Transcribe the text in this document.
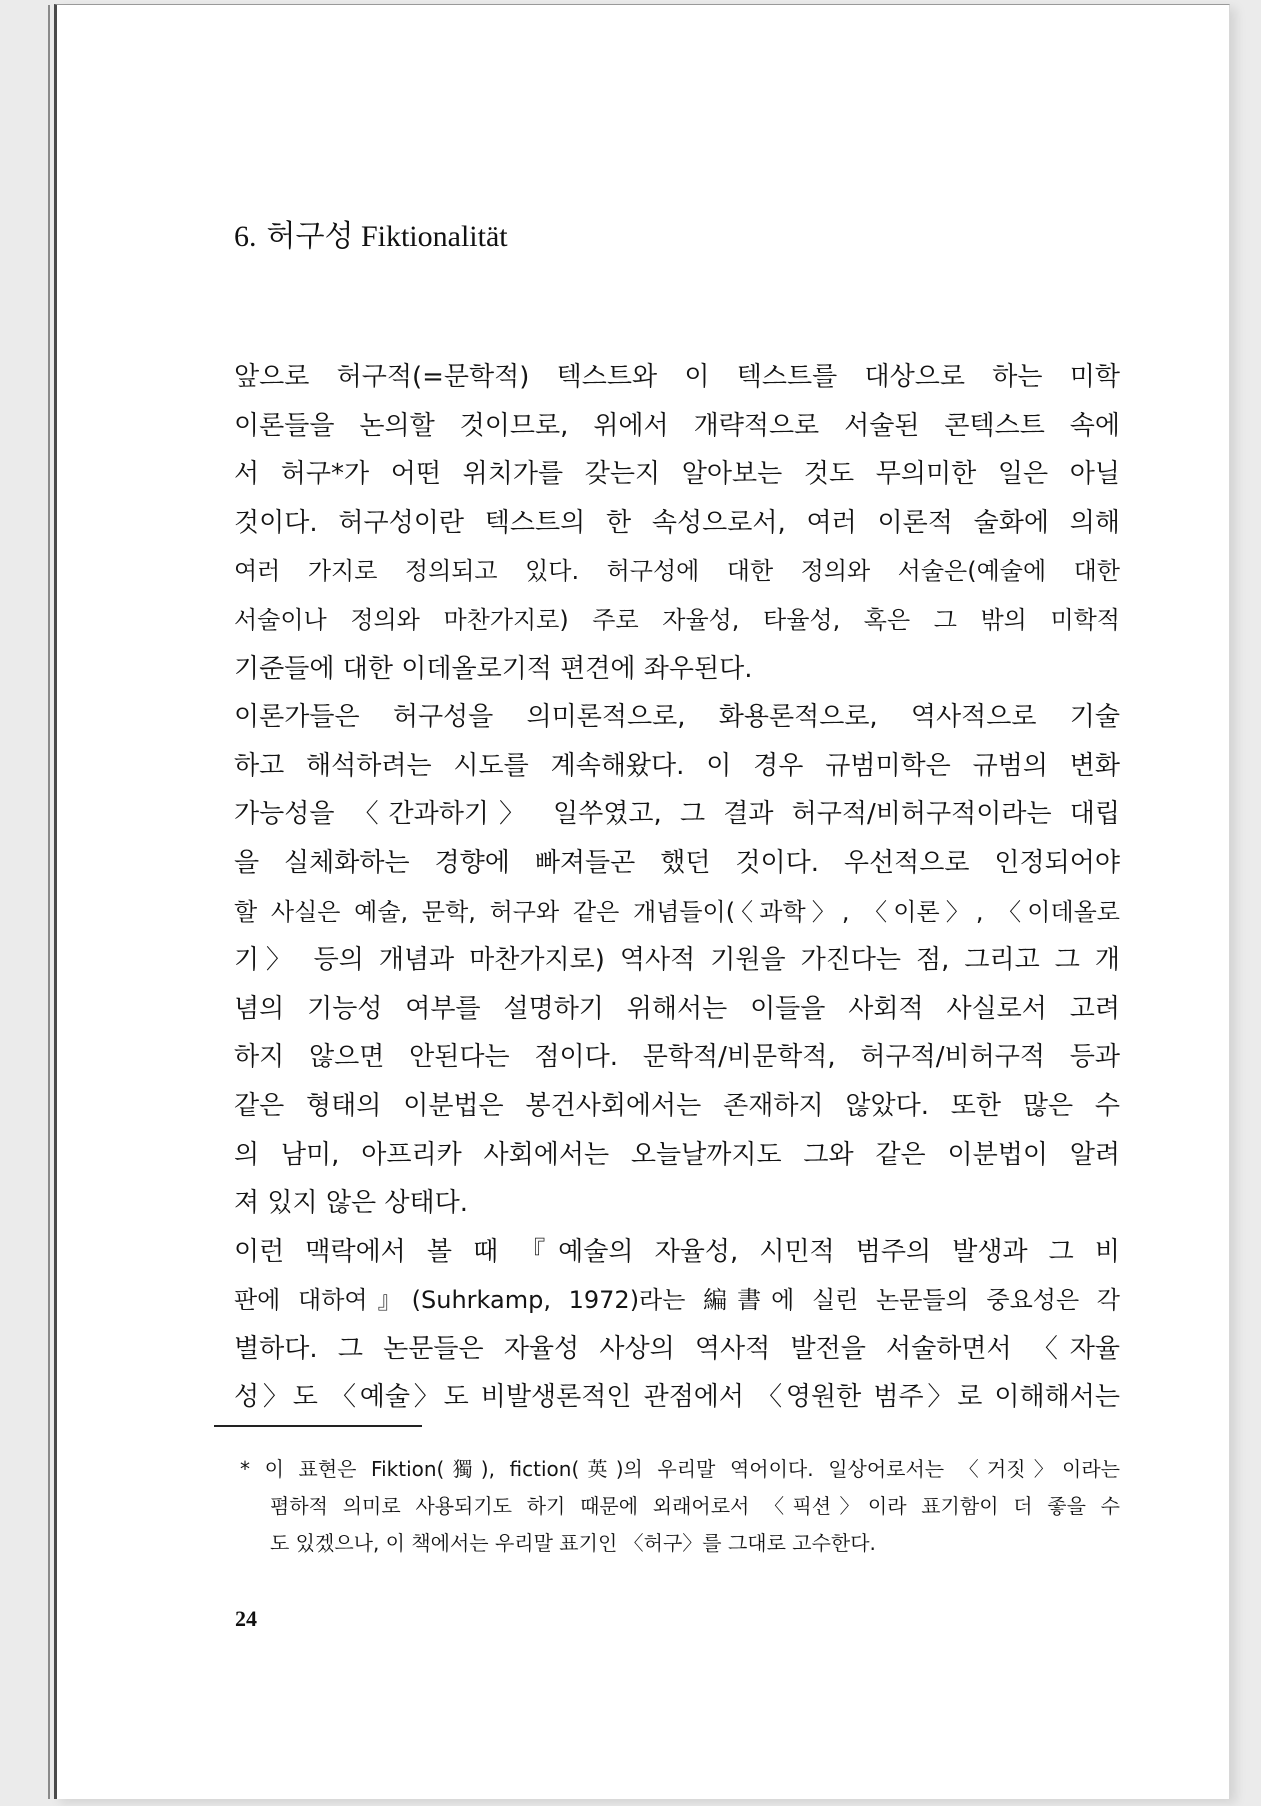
6. 허구성 Fiktionalität
앞으로 허구적(=문학적) 텍스트와 이 텍스트를 대상으로 하는 미학
이론들을 논의할 것이므로, 위에서 개략적으로 서술된 콘텍스트 속에
서 허구*가 어떤 위치가를 갖는지 알아보는 것도 무의미한 일은 아닐
것이다. 허구성이란 텍스트의 한 속성으로서, 여러 이론적 술화에 의해
여러 가지로 정의되고 있다. 허구성에 대한 정의와 서술은(예술에 대한
서술이나 정의와 마찬가지로) 주로 자율성, 타율성, 혹은 그 밖의 미학적
기준들에 대한 이데올로기적 편견에 좌우된다.
이론가들은 허구성을 의미론적으로, 화용론적으로, 역사적으로 기술
하고 해석하려는 시도를 계속해왔다. 이 경우 규범미학은 규범의 변화
가능성을 〈간과하기〉 일쑤였고, 그 결과 허구적/비허구적이라는 대립
을 실체화하는 경향에 빠져들곤 했던 것이다. 우선적으로 인정되어야
할 사실은 예술, 문학, 허구와 같은 개념들이(〈과학〉, 〈이론〉, 〈이데올로
기〉 등의 개념과 마찬가지로) 역사적 기원을 가진다는 점, 그리고 그 개
념의 기능성 여부를 설명하기 위해서는 이들을 사회적 사실로서 고려
하지 않으면 안된다는 점이다. 문학적/비문학적, 허구적/비허구적 등과
같은 형태의 이분법은 봉건사회에서는 존재하지 않았다. 또한 많은 수
의 남미, 아프리카 사회에서는 오늘날까지도 그와 같은 이분법이 알려
져 있지 않은 상태다.
이런 맥락에서 볼 때 『예술의 자율성, 시민적 범주의 발생과 그 비
판에 대하여』(Suhrkamp, 1972)라는 編書에 실린 논문들의 중요성은 각
별하다. 그 논문들은 자율성 사상의 역사적 발전을 서술하면서 〈자율
성〉도 〈예술〉도 비발생론적인 관점에서 〈영원한 범주〉로 이해해서는
* 이 표현은 Fiktion(獨), fiction(英)의 우리말 역어이다. 일상어로서는 〈거짓〉이라는
폄하적 의미로 사용되기도 하기 때문에 외래어로서 〈픽션〉이라 표기함이 더 좋을 수
도 있겠으나, 이 책에서는 우리말 표기인 〈허구〉를 그대로 고수한다.
24
